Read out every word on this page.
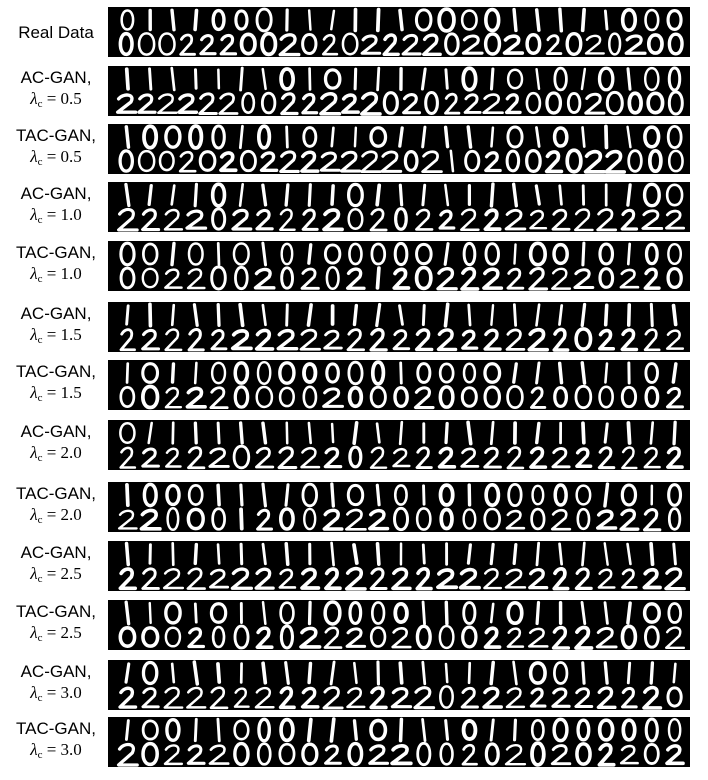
Real Data
AC-GAN,
$\lambda_c = 0.5$
TAC-GAN,
$\lambda_c = 0.5$
AC-GAN,
$\lambda_c = 1.0$
TAC-GAN,
$\lambda_c = 1.0$
AC-GAN,
$\lambda_c = 1.5$
TAC-GAN,
$\lambda_c = 1.5$
AC-GAN,
$\lambda_c = 2.0$
TAC-GAN,
$\lambda_c = 2.0$
AC-GAN,
$\lambda_c = 2.5$
TAC-GAN,
$\lambda_c = 2.5$
AC-GAN,
$\lambda_c = 3.0$
TAC-GAN,
$\lambda_c = 3.0$
